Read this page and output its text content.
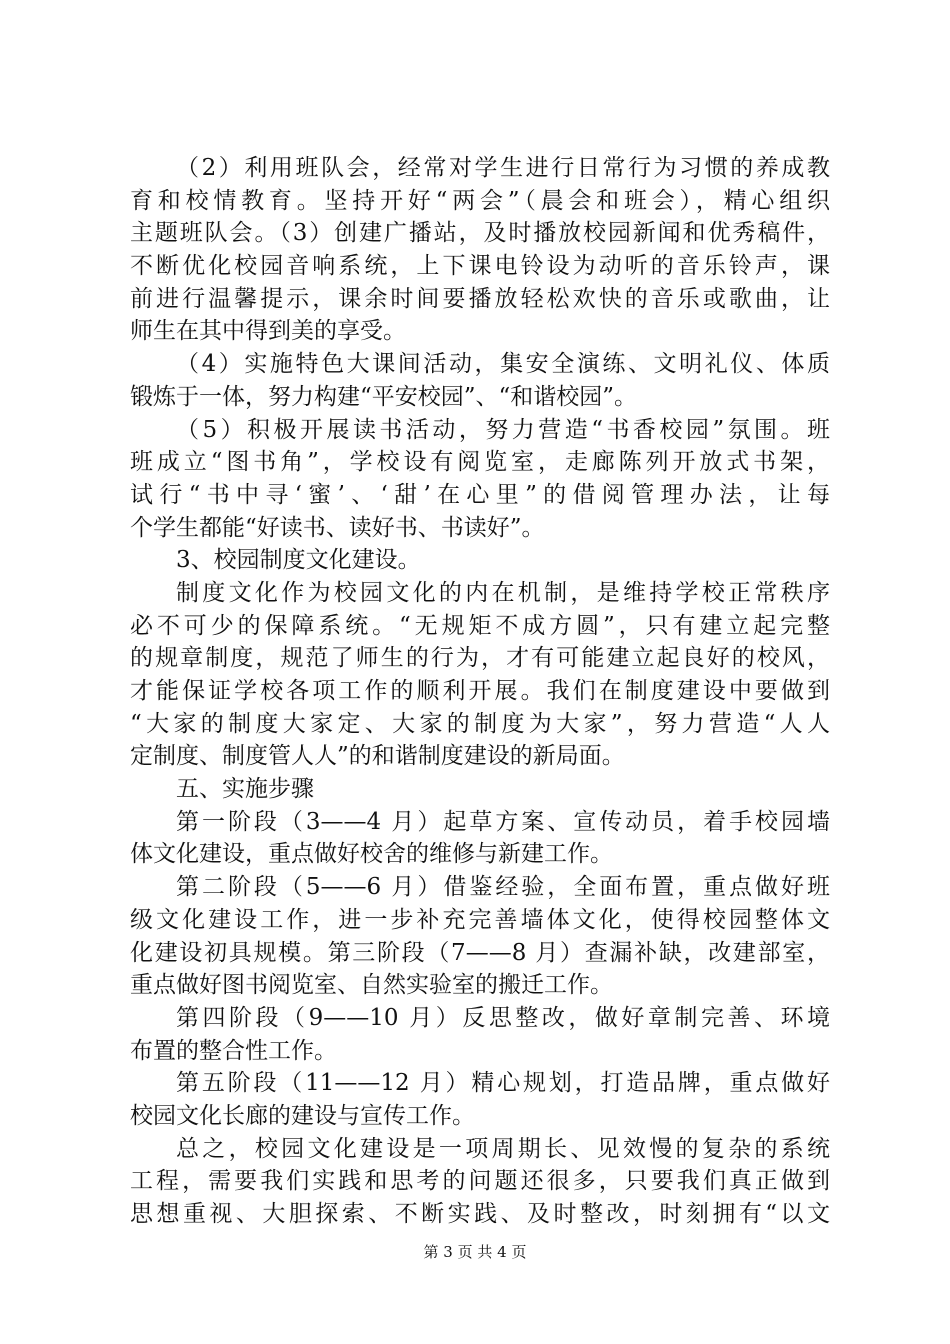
（2）利用班队会，经常对学生进行日常行为习惯的养成教
育和校情教育。坚持开好“两会”（晨会和班会），精心组织
主题班队会。（3）创建广播站，及时播放校园新闻和优秀稿件，
不断优化校园音响系统，上下课电铃设为动听的音乐铃声，课
前进行温馨提示，课余时间要播放轻松欢快的音乐或歌曲，让
师生在其中得到美的享受。
（4）实施特色大课间活动，集安全演练、文明礼仪、体质
锻炼于一体，努力构建“平安校园”、“和谐校园”。
（5）积极开展读书活动，努力营造“书香校园”氛围。班
班成立“图书角”，学校设有阅览室，走廊陈列开放式书架，
试行“书中寻‘蜜’、‘甜’在心里”的借阅管理办法，让每
个学生都能“好读书、读好书、书读好”。
3、校园制度文化建设。
制度文化作为校园文化的内在机制，是维持学校正常秩序
必不可少的保障系统。“无规矩不成方圆”，只有建立起完整
的规章制度，规范了师生的行为，才有可能建立起良好的校风，
才能保证学校各项工作的顺利开展。我们在制度建设中要做到
“大家的制度大家定、大家的制度为大家”，努力营造“人人
定制度、制度管人人”的和谐制度建设的新局面。
五、实施步骤
第一阶段（3——4 月）起草方案、宣传动员，着手校园墙
体文化建设，重点做好校舍的维修与新建工作。
第二阶段（5——6 月）借鉴经验，全面布置，重点做好班
级文化建设工作，进一步补充完善墙体文化，使得校园整体文
化建设初具规模。第三阶段（7——8 月）查漏补缺，改建部室，
重点做好图书阅览室、自然实验室的搬迁工作。
第四阶段（9——10 月）反思整改，做好章制完善、环境
布置的整合性工作。
第五阶段（11——12 月）精心规划，打造品牌，重点做好
校园文化长廊的建设与宣传工作。
总之，校园文化建设是一项周期长、见效慢的复杂的系统
工程，需要我们实践和思考的问题还很多，只要我们真正做到
思想重视、大胆探索、不断实践、及时整改，时刻拥有“以文
第 3 页 共 4 页
